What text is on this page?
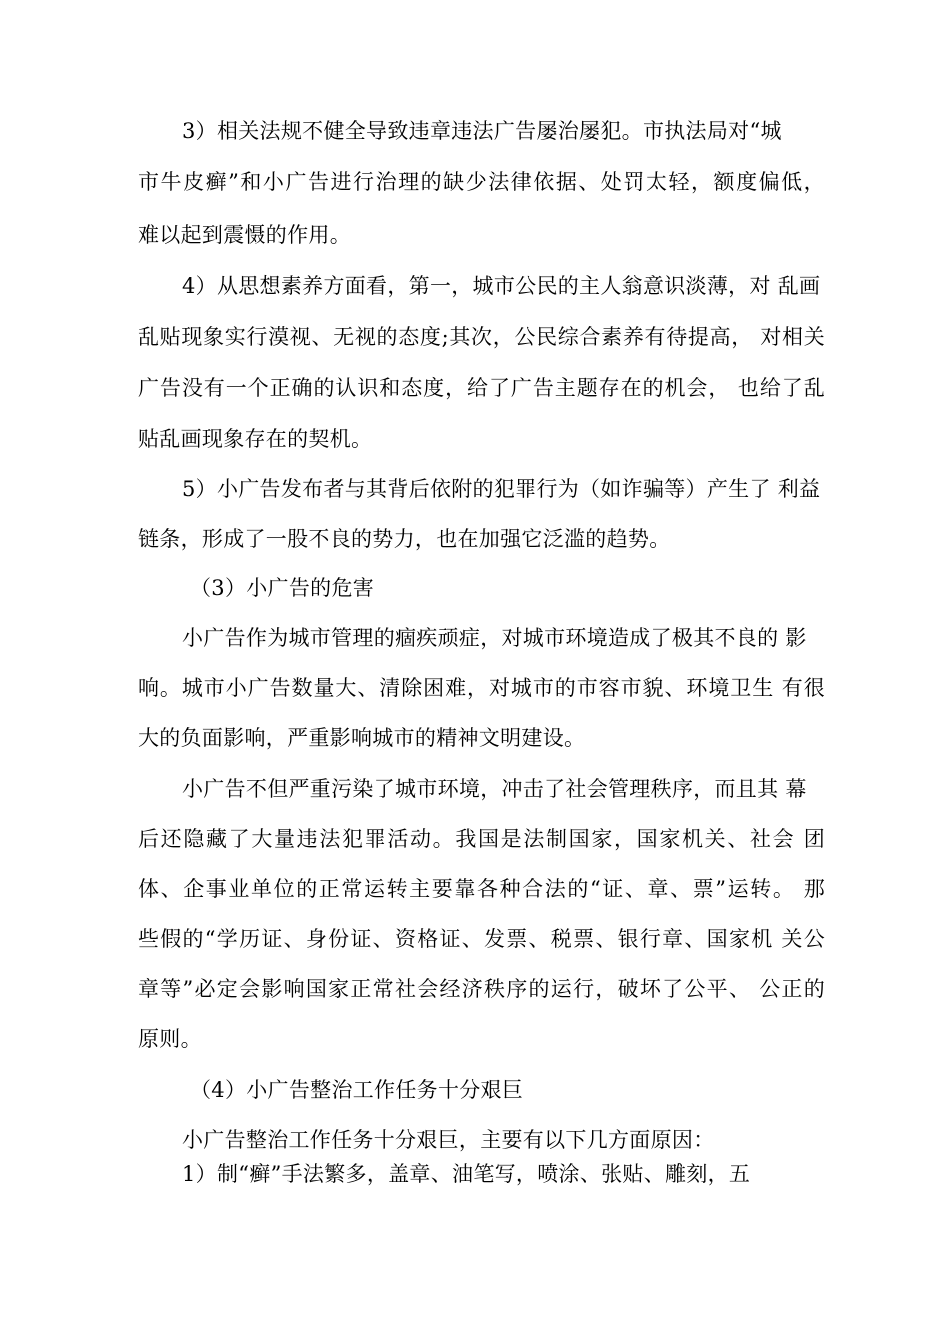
3）相关法规不健全导致违章违法广告屡治屡犯。市执法局对“城
市牛皮癣”和小广告进行治理的缺少法律依据、处罚太轻，额度偏低，
难以起到震慑的作用。
4）从思想素养方面看，第一，城市公民的主人翁意识淡薄，对 乱画
乱贴现象实行漠视、无视的态度;其次，公民综合素养有待提高， 对相关
广告没有一个正确的认识和态度，给了广告主题存在的机会， 也给了乱
贴乱画现象存在的契机。
5）小广告发布者与其背后依附的犯罪行为（如诈骗等）产生了 利益
链条，形成了一股不良的势力，也在加强它泛滥的趋势。
（3）小广告的危害
小广告作为城市管理的痼疾顽症，对城市环境造成了极其不良的 影
响。城市小广告数量大、清除困难，对城市的市容市貌、环境卫生 有很
大的负面影响，严重影响城市的精神文明建设。
小广告不但严重污染了城市环境，冲击了社会管理秩序，而且其 幕
后还隐藏了大量违法犯罪活动。我国是法制国家，国家机关、社会 团
体、企事业单位的正常运转主要靠各种合法的“证、章、票”运转。 那
些假的“学历证、身份证、资格证、发票、税票、银行章、国家机 关公
章等”必定会影响国家正常社会经济秩序的运行，破坏了公平、 公正的
原则。
（4）小广告整治工作任务十分艰巨
小广告整治工作任务十分艰巨，主要有以下几方面原因：
1）制“癣”手法繁多，盖章、油笔写，喷涂、张贴、雕刻，五
